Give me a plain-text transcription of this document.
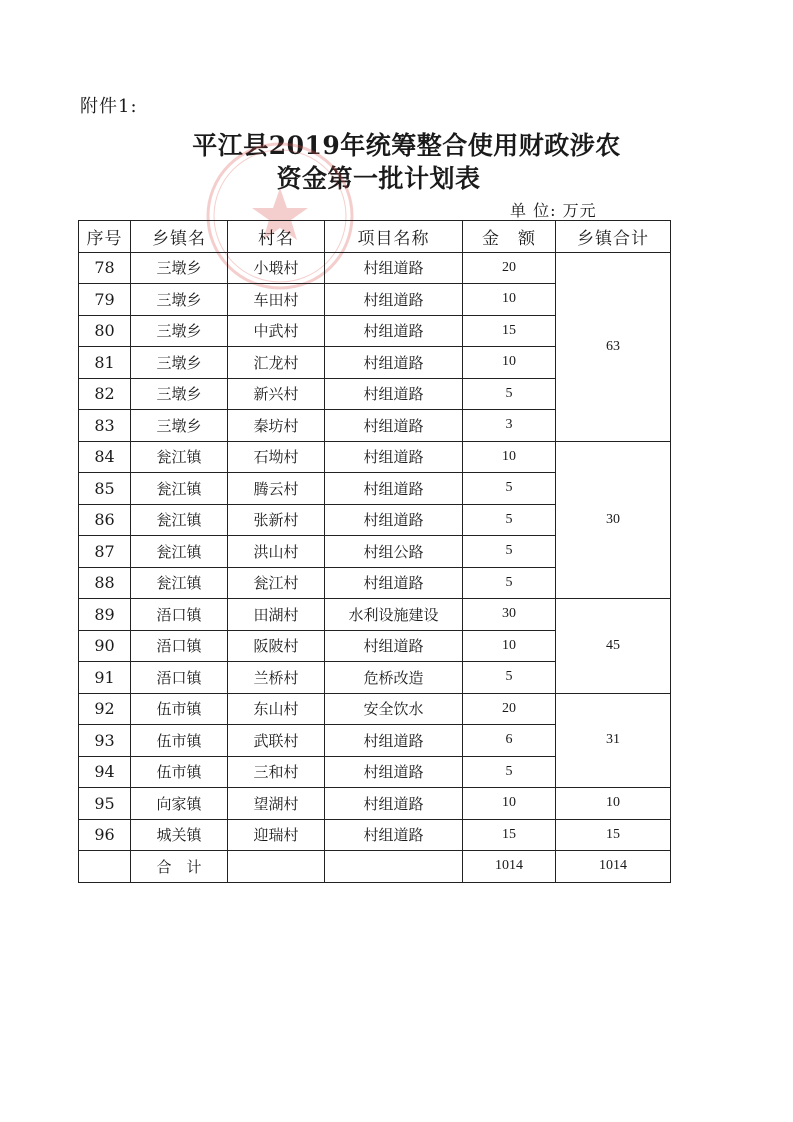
附件1:
平江县2019年统筹整合使用财政涉农
资金第一批计划表
单 位: 万元
序号	乡镇名	村名	项目名称	金　额	乡镇合计
78	三墩乡	小塅村	村组道路	20	63
79	三墩乡	车田村	村组道路	10	
80	三墩乡	中武村	村组道路	15	
81	三墩乡	汇龙村	村组道路	10	
82	三墩乡	新兴村	村组道路	5	
83	三墩乡	秦坊村	村组道路	3	
84	瓮江镇	石坳村	村组道路	10	30
85	瓮江镇	腾云村	村组道路	5	
86	瓮江镇	张新村	村组道路	5	
87	瓮江镇	洪山村	村组公路	5	
88	瓮江镇	瓮江村	村组道路	5	
89	浯口镇	田湖村	水利设施建设	30	45
90	浯口镇	阪陂村	村组道路	10	
91	浯口镇	兰桥村	危桥改造	5	
92	伍市镇	东山村	安全饮水	20	31
93	伍市镇	武联村	村组道路	6	
94	伍市镇	三和村	村组道路	5	
95	向家镇	望湖村	村组道路	10	10
96	城关镇	迎瑞村	村组道路	15	15
	合　计			1014	1014
